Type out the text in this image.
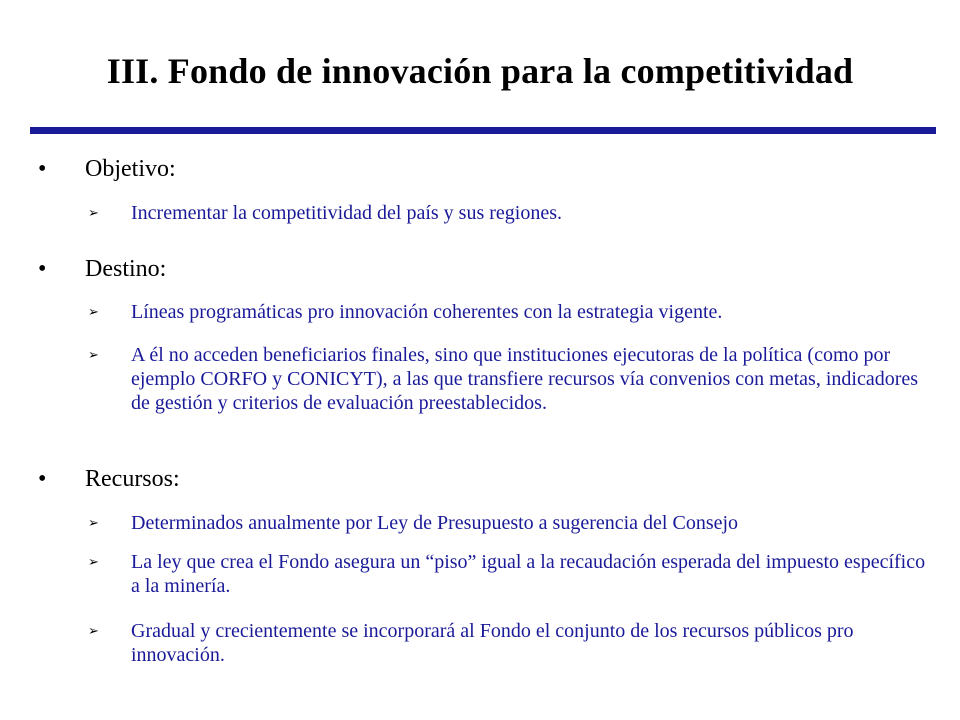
III. Fondo de innovación para la competitividad
• Objetivo:
➢ Incrementar la competitividad del país y sus regiones.
• Destino:
➢ Líneas programáticas pro innovación coherentes con la estrategia vigente.
➢ A él no acceden beneficiarios finales, sino que instituciones ejecutoras de la política (como por ejemplo CORFO y CONICYT), a las que transfiere recursos vía convenios con metas, indicadores de gestión y criterios de evaluación preestablecidos.
• Recursos:
➢ Determinados anualmente por Ley de Presupuesto a sugerencia del Consejo
➢ La ley que crea el Fondo asegura un “piso” igual a la recaudación esperada del impuesto específico a la minería.
➢ Gradual y crecientemente se incorporará al Fondo el conjunto de los recursos públicos pro innovación.
